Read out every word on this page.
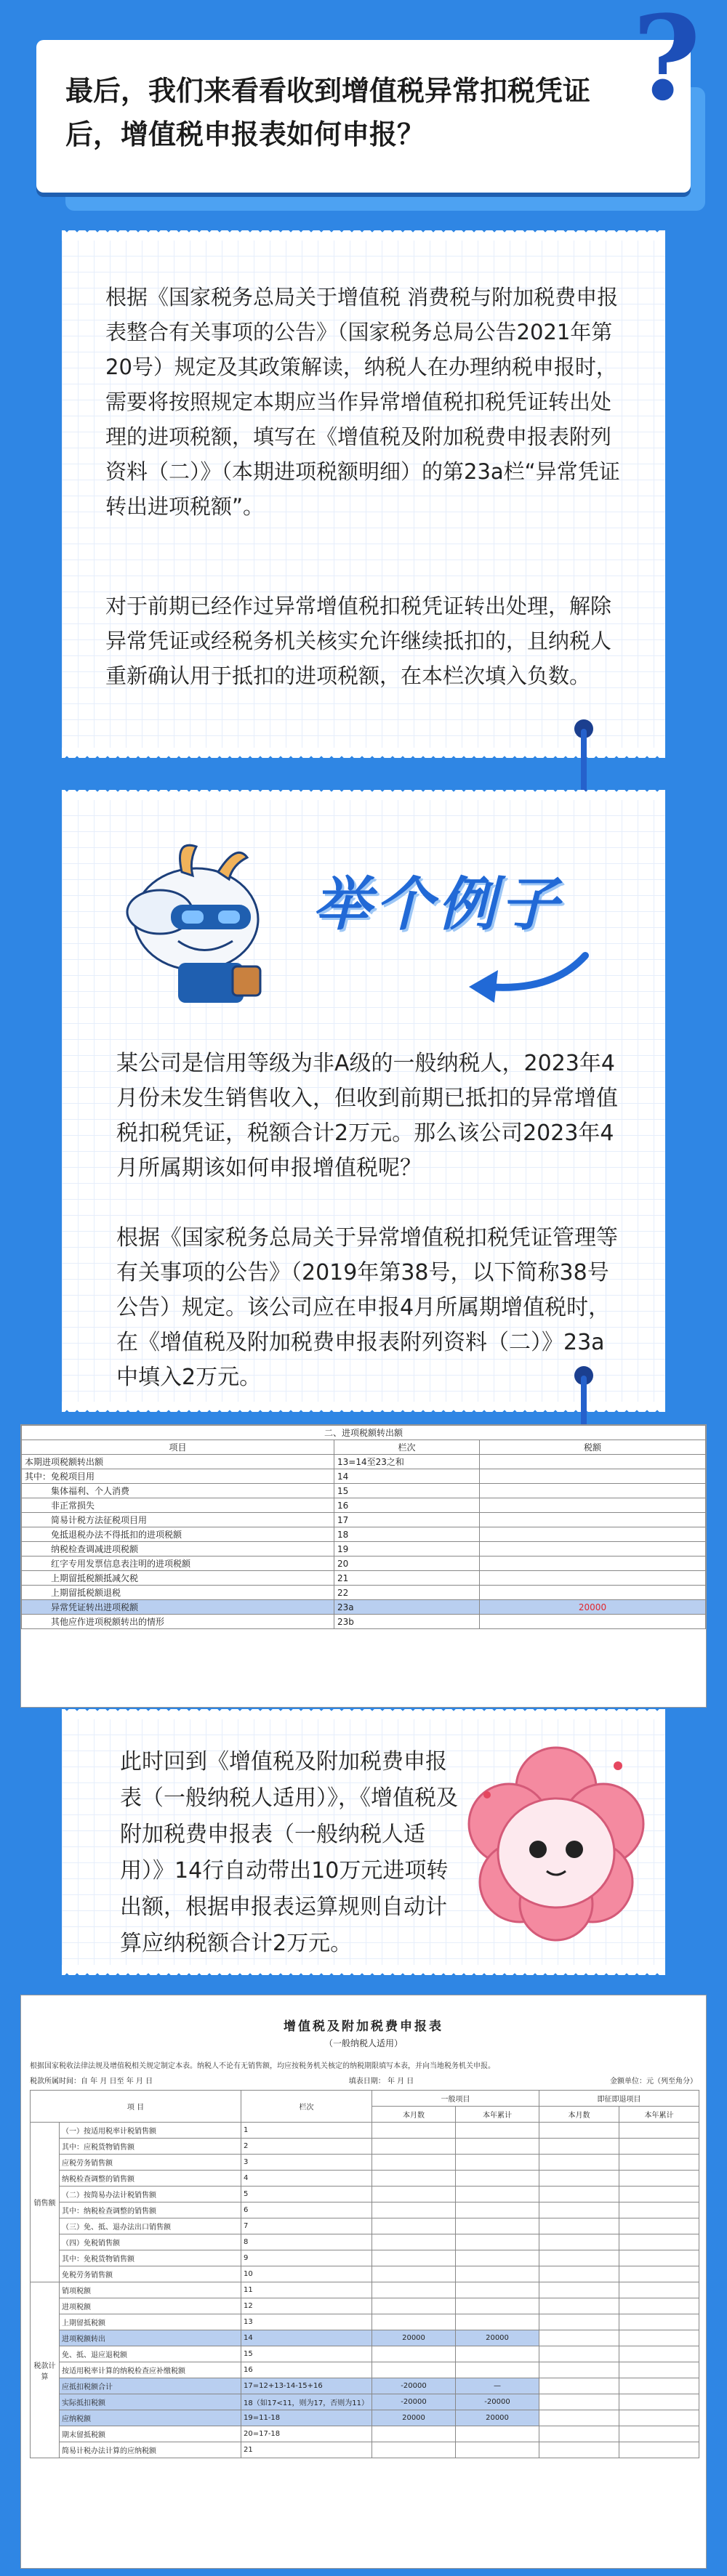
最后，我们来看看收到增值税异常扣税凭证后，增值税申报表如何申报？
?
根据《国家税务总局关于增值税 消费税与附加税费申报表整合有关事项的公告》（国家税务总局公告2021年第20号）规定及其政策解读，纳税人在办理纳税申报时，需要将按照规定本期应当作异常增值税扣税凭证转出处理的进项税额，填写在《增值税及附加税费申报表附列资料（二）》（本期进项税额明细）的第23a栏“异常凭证转出进项税额”。
对于前期已经作过异常增值税扣税凭证转出处理，解除异常凭证或经税务机关核实允许继续抵扣的，且纳税人重新确认用于抵扣的进项税额，在本栏次填入负数。
举个例子
某公司是信用等级为非A级的一般纳税人，2023年4月份未发生销售收入，但收到前期已抵扣的异常增值税扣税凭证，税额合计2万元。那么该公司2023年4月所属期该如何申报增值税呢？
根据《国家税务总局关于异常增值税扣税凭证管理等有关事项的公告》（2019年第38号，以下简称38号公告）规定。该公司应在申报4月所属期增值税时，在《增值税及附加税费申报表附列资料（二）》23a中填入2万元。
二、进项税额转出额		
项目	栏次	税额
本期进项税额转出额	13=14至23之和	
其中：免税项目用	14	
集体福利、个人消费	15	
非正常损失	16	
简易计税方法征税项目用	17	
免抵退税办法不得抵扣的进项税额	18	
纳税检查调减进项税额	19	
红字专用发票信息表注明的进项税额	20	
上期留抵税额抵减欠税	21	
上期留抵税额退税	22	
异常凭证转出进项税额	23a	20000
其他应作进项税额转出的情形	23b	
此时回到《增值税及附加税费申报表（一般纳税人适用）》，《增值税及附加税费申报表（一般纳税人适用）》14行自动带出10万元进项转出额，根据申报表运算规则自动计算应纳税额合计2万元。
增值税及附加税费申报表
（一般纳税人适用）
根据国家税收法律法规及增值税相关规定制定本表。纳税人不论有无销售额，均应按税务机关核定的纳税期限填写本表，并向当地税务机关申报。
税款所属时间：自 年 月 日至 年 月 日	填表日期： 年 月 日	金额单位：元（列至角分）
项 目		栏次	一般项目		即征即退项目	
			本月数	本年累计	本月数	本年累计
销售额	（一）按适用税率计税销售额	1				
	其中：应税货物销售额	2				
	应税劳务销售额	3				
	纳税检查调整的销售额	4				
	（二）按简易办法计税销售额	5				
	其中：纳税检查调整的销售额	6				
	（三）免、抵、退办法出口销售额	7				
	（四）免税销售额	8				
	其中：免税货物销售额	9				
	免税劳务销售额	10				
税款计算	销项税额	11				
	进项税额	12				
	上期留抵税额	13				
	进项税额转出	14	20000	20000		
	免、抵、退应退税额	15				
	按适用税率计算的纳税检查应补缴税额	16				
	应抵扣税额合计	17=12+13-14-15+16	-20000	—		
	实际抵扣税额	18（如17<11，则为17，否则为11）	-20000	-20000		
	应纳税额	19=11-18	20000	20000		
	期末留抵税额	20=17-18				
	简易计税办法计算的应纳税额	21				
